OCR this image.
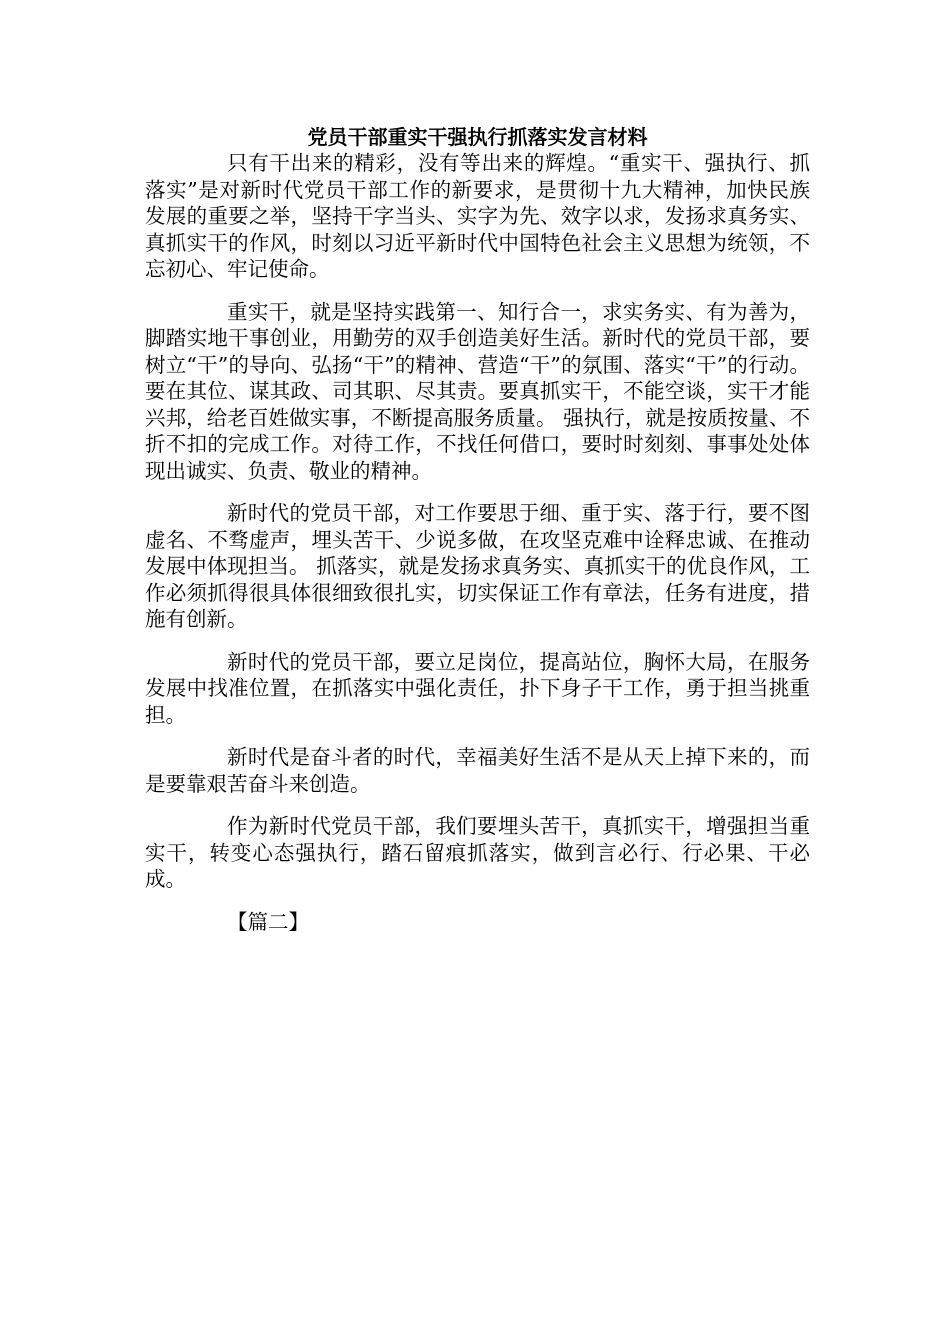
党员干部重实干强执行抓落实发言材料

只有干出来的精彩，没有等出来的辉煌。“重实干、强执行、抓落实”是对新时代党员干部工作的新要求，是贯彻十九大精神，加快民族发展的重要之举，坚持干字当头、实字为先、效字以求，发扬求真务实、真抓实干的作风，时刻以习近平新时代中国特色社会主义思想为统领，不忘初心、牢记使命。

重实干，就是坚持实践第一、知行合一，求实务实、有为善为，脚踏实地干事创业，用勤劳的双手创造美好生活。新时代的党员干部，要树立“干”的导向、弘扬“干”的精神、营造“干”的氛围、落实“干”的行动。要在其位、谋其政、司其职、尽其责。要真抓实干，不能空谈，实干才能兴邦，给老百姓做实事，不断提高服务质量。 强执行，就是按质按量、不折不扣的完成工作。对待工作，不找任何借口，要时时刻刻、事事处处体现出诚实、负责、敬业的精神。

新时代的党员干部，对工作要思于细、重于实、落于行，要不图虚名、不骛虚声，埋头苦干、少说多做，在攻坚克难中诠释忠诚、在推动发展中体现担当。 抓落实，就是发扬求真务实、真抓实干的优良作风，工作必须抓得很具体很细致很扎实，切实保证工作有章法，任务有进度，措施有创新。

新时代的党员干部，要立足岗位，提高站位，胸怀大局，在服务发展中找准位置，在抓落实中强化责任，扑下身子干工作，勇于担当挑重担。

新时代是奋斗者的时代，幸福美好生活不是从天上掉下来的，而是要靠艰苦奋斗来创造。

作为新时代党员干部，我们要埋头苦干，真抓实干，增强担当重实干，转变心态强执行，踏石留痕抓落实，做到言必行、行必果、干必成。

【篇二】
